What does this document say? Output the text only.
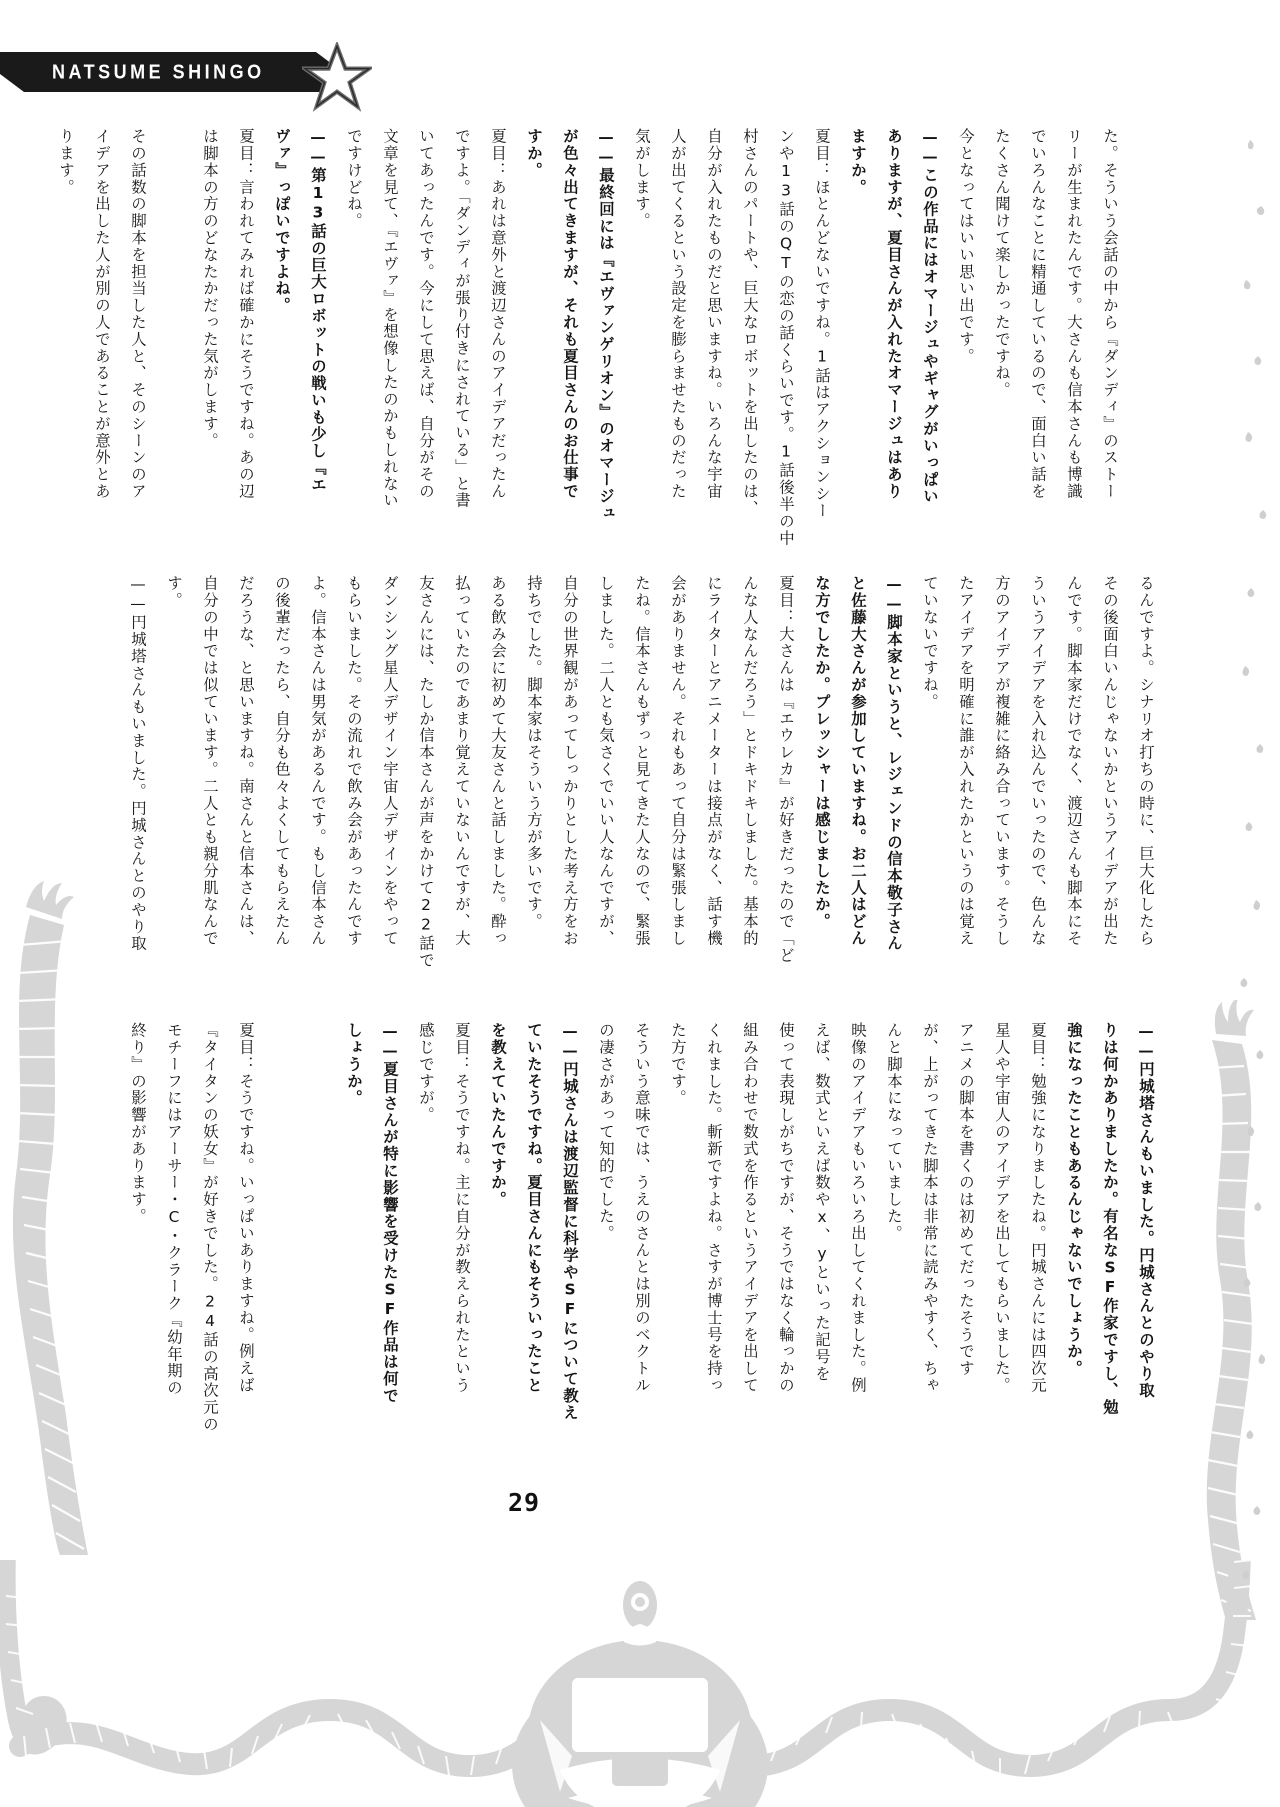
NATSUME SHINGO
た。そういう会話の中から『ダンディ』のストー
リーが生まれたんです。大さんも信本さんも博識
でいろんなことに精通しているので、面白い話を
たくさん聞けて楽しかったですね。
今となってはいい思い出です。
——この作品にはオマージュやギャグがいっぱい
ありますが、夏目さんが入れたオマージュはあり
ますか。
夏目：ほとんどないですね。1話はアクションシー
ンや13話のQTの恋の話くらいです。1話後半の中
村さんのパートや、巨大なロボットを出したのは、
自分が入れたものだと思いますね。いろんな宇宙
人が出てくるという設定を膨らませたものだった
気がします。
——最終回には『エヴァンゲリオン』のオマージュ
が色々出てきますが、それも夏目さんのお仕事で
すか。
夏目：あれは意外と渡辺さんのアイデアだったん
ですよ。「ダンディが張り付きにされている」と書
いてあったんです。今にして思えば、自分がその
文章を見て、『エヴァ』を想像したのかもしれない
ですけどね。
——第13話の巨大ロボットの戦いも少し『エ
ヴァ』っぽいですよね。
夏目：言われてみれば確かにそうですね。あの辺
は脚本の方のどなたかだった気がします。
その話数の脚本を担当した人と、そのシーンのア
イデアを出した人が別の人であることが意外とあ
ります。
るんですよ。シナリオ打ちの時に、巨大化したら
んです。脚本家だけでなく、渡辺さんも脚本にそ	その後面白いんじゃないかというアイデアが出た
ういうアイデアを入れ込んでいったので、色んな
方のアイデアが複雑に絡み合っています。そうし
たアイデアを明確に誰が入れたかというのは覚え
ていないですね。
——脚本家というと、レジェンドの信本敬子さん
と佐藤大さんが参加していますね。お二人はどん
な方でしたか。プレッシャーは感じましたか。
夏目：大さんは『エウレカ』が好きだったので「ど
んな人なんだろう」とドキドキしました。基本的
にライターとアニメーターは接点がなく、話す機
会がありません。それもあって自分は緊張しまし
たね。信本さんもずっと見てきた人なので、緊張
しました。二人とも気さくでいい人なんですが、
自分の世界観があってしっかりとした考え方をお
持ちでした。脚本家はそういう方が多いです。
ある飲み会に初めて大友さんと話しました。酔っ
払っていたのであまり覚えていないんですが、大
友さんには、たしか信本さんが声をかけて22話で
ダンシング星人デザイン宇宙人デザインをやって
もらいました。その流れで飲み会があったんです
よ。信本さんは男気があるんです。もし信本さん
の後輩だったら、自分も色々よくしてもらえたん
だろうな、と思いますね。南さんと信本さんは、
自分の中では似ています。二人とも親分肌なんで
す。
——円城塔さんもいました。円城さんとのやり取
——円城塔さんもいました。円城さんとのやり取
りは何かありましたか。有名なSF作家ですし、勉
強になったこともあるんじゃないでしょうか。
夏目：勉強になりましたね。円城さんには四次元
星人や宇宙人のアイデアを出してもらいました。
アニメの脚本を書くのは初めてだったそうです
が、上がってきた脚本は非常に読みやすく、ちゃ
んと脚本になっていました。
映像のアイデアもいろいろ出してくれました。例
えば、数式といえば数やx、yといった記号を
使って表現しがちですが、そうではなく輪っかの
組み合わせで数式を作るというアイデアを出して
くれました。斬新ですよね。さすが博士号を持っ
た方です。
そういう意味では、うえのさんとは別のベクトル
の凄さがあって知的でした。
——円城さんは渡辺監督に科学やSFについて教え
ていたそうですね。夏目さんにもそういったこと
を教えていたんですか。
夏目：そうですね。主に自分が教えられたという
感じですが。
——夏目さんが特に影響を受けたSF作品は何で
しょうか。
夏目：そうですね。いっぱいありますね。例えば
『タイタンの妖女』が好きでした。24話の高次元の
モチーフにはアーサー・C・クラーク『幼年期の
終り』の影響があります。
29
